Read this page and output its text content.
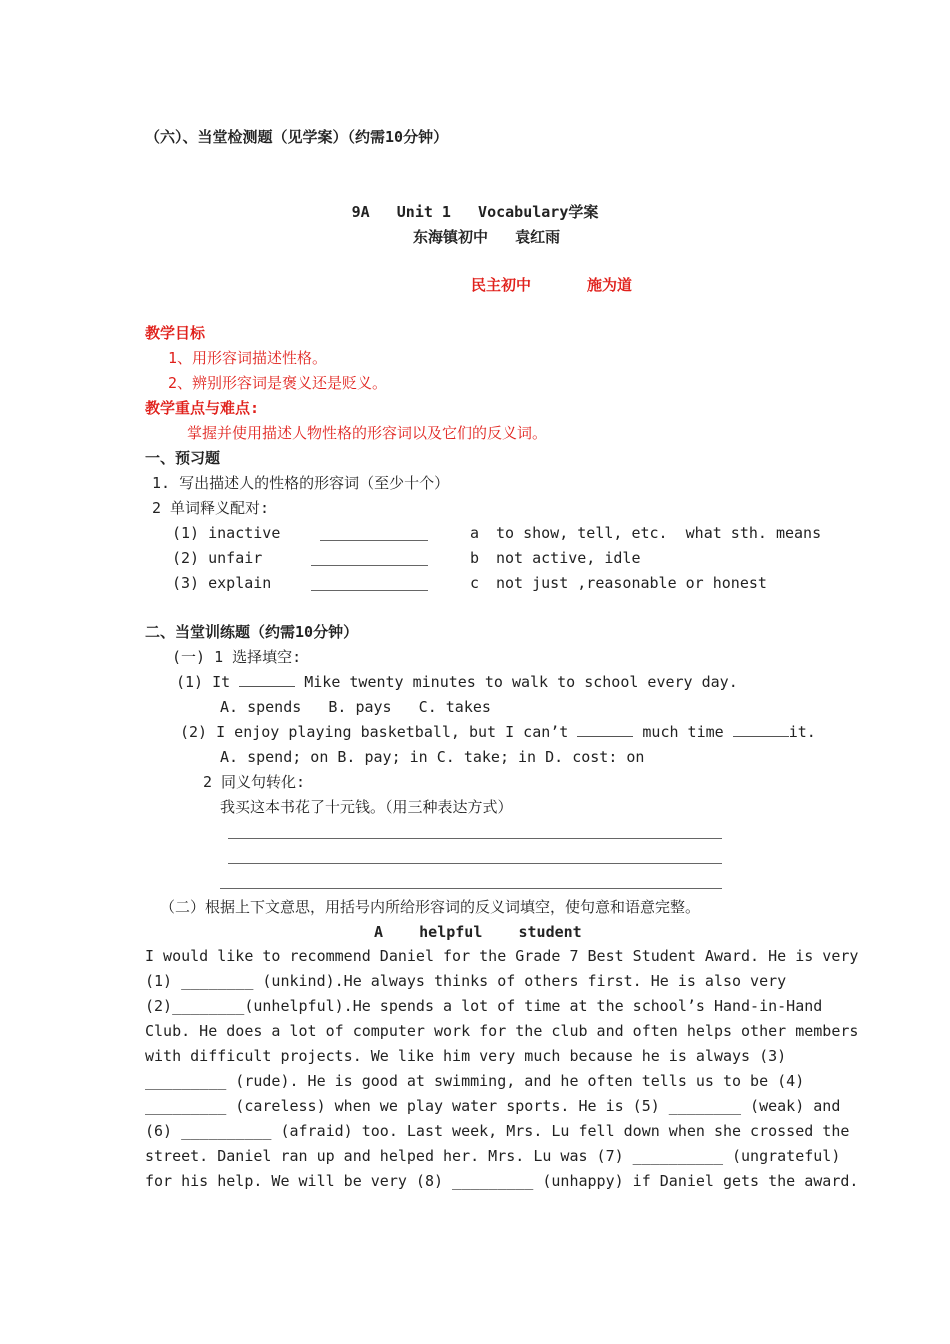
（六）、当堂检测题（见学案）（约需10分钟）
9A   Unit 1   Vocabulary学案
东海镇初中   袁红雨
民主初中	施为道
教学目标
1、用形容词描述性格。
2、辨别形容词是褒义还是贬义。
教学重点与难点:
掌握并使用描述人物性格的形容词以及它们的反义词。
一、预习题
1. 写出描述人的性格的形容词（至少十个）
2 单词释义配对:
(1) inactive	a to show, tell, etc.  what sth. means
(2) unfair	b not active, idle
(3) explain	c not just ,reasonable or honest
二、当堂训练题（约需10分钟）
(一) 1 选择填空:
(1) It	Mike twenty minutes to walk to school every day.
A. spends   B. pays   C. takes
(2) I enjoy playing basketball, but I can’t	much time	it.
A. spend; on B. pay; in C. take; in D. cost: on
2 同义句转化:
我买这本书花了十元钱。（用三种表达方式）
（二）根据上下文意思，用括号内所给形容词的反义词填空，使句意和语意完整。
A    helpful    student
I would like to recommend Daniel for the Grade 7 Best Student Award. He is very
(1) ________ (unkind).He always thinks of others first. He is also very
(2)________(unhelpful).He spends a lot of time at the school’s Hand-in-Hand
Club. He does a lot of computer work for the club and often helps other members
with difficult projects. We like him very much because he is always (3)
_________ (rude). He is good at swimming, and he often tells us to be (4)
_________ (careless) when we play water sports. He is (5) ________ (weak) and
(6) __________ (afraid) too. Last week, Mrs. Lu fell down when she crossed the
street. Daniel ran up and helped her. Mrs. Lu was (7) __________ (ungrateful)
for his help. We will be very (8) _________ (unhappy) if Daniel gets the award.
